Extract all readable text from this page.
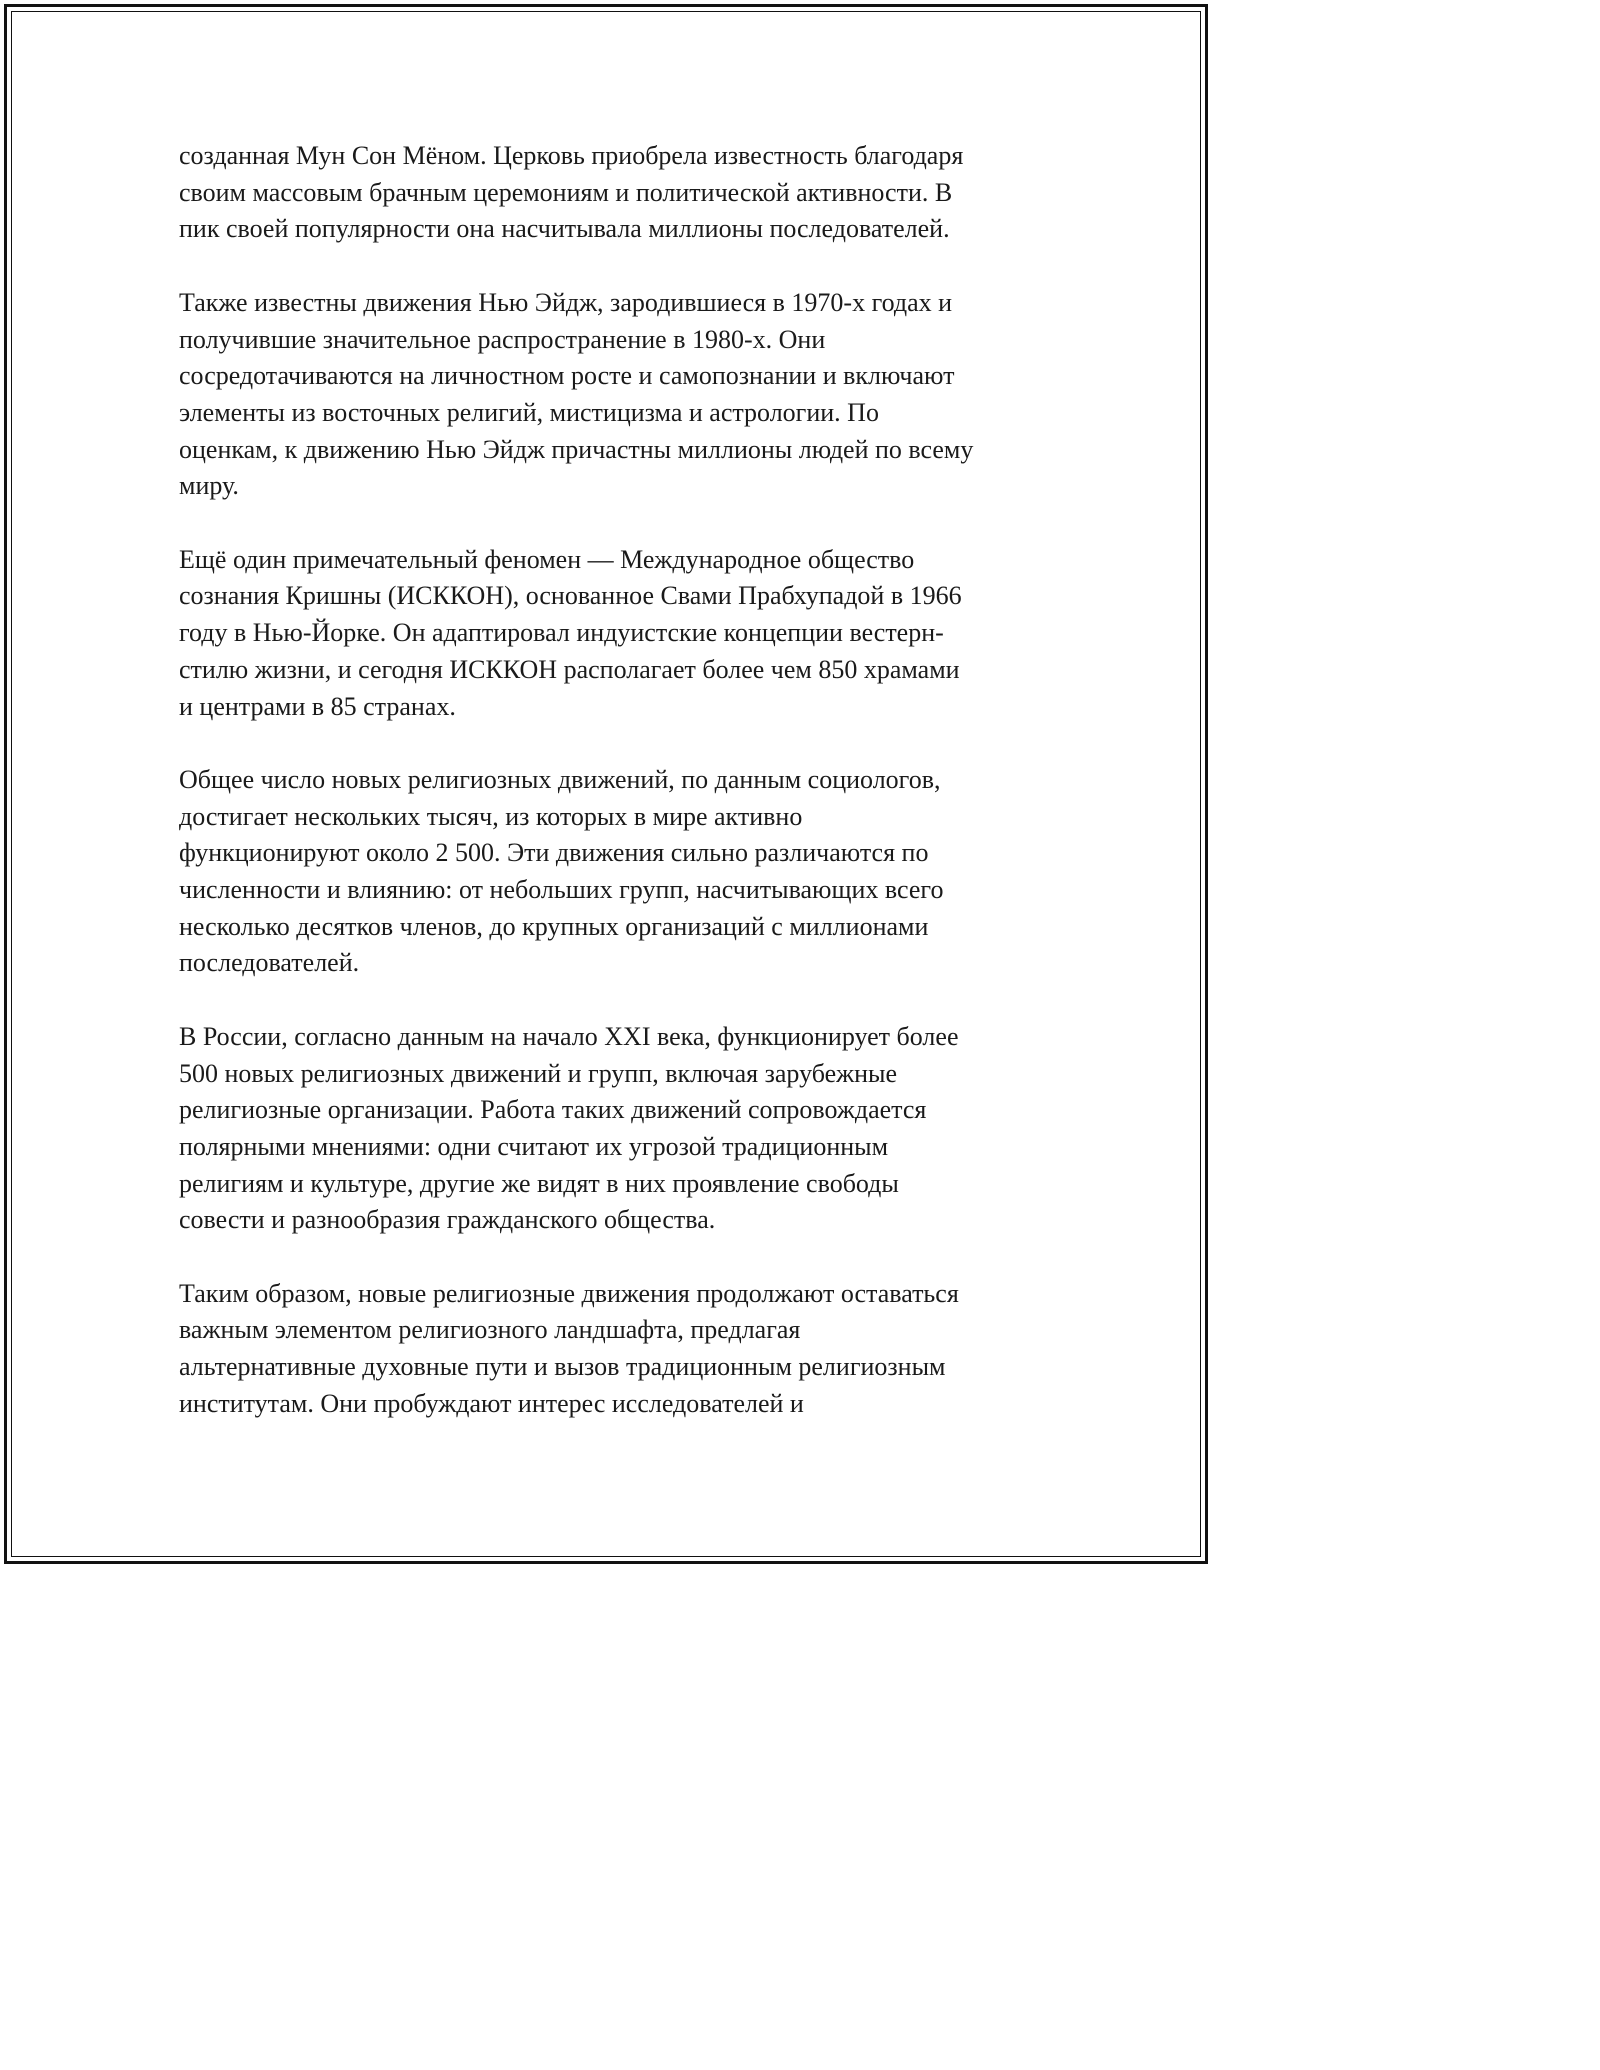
созданная Мун Сон Мёном. Церковь приобрела известность благодаря
своим массовым брачным церемониям и политической активности. В
пик своей популярности она насчитывала миллионы последователей.

Также известны движения Нью Эйдж, зародившиеся в 1970-х годах и
получившие значительное распространение в 1980-х. Они
сосредотачиваются на личностном росте и самопознании и включают
элементы из восточных религий, мистицизма и астрологии. По
оценкам, к движению Нью Эйдж причастны миллионы людей по всему
миру.

Ещё один примечательный феномен — Международное общество
сознания Кришны (ИСККОН), основанное Свами Прабхупадой в 1966
году в Нью-Йорке. Он адаптировал индуистские концепции вестерн-
стилю жизни, и сегодня ИСККОН располагает более чем 850 храмами
и центрами в 85 странах.

Общее число новых религиозных движений, по данным социологов,
достигает нескольких тысяч, из которых в мире активно
функционируют около 2 500. Эти движения сильно различаются по
численности и влиянию: от небольших групп, насчитывающих всего
несколько десятков членов, до крупных организаций с миллионами
последователей.

В России, согласно данным на начало XXI века, функционирует более
500 новых религиозных движений и групп, включая зарубежные
религиозные организации. Работа таких движений сопровождается
полярными мнениями: одни считают их угрозой традиционным
религиям и культуре, другие же видят в них проявление свободы
совести и разнообразия гражданского общества.

Таким образом, новые религиозные движения продолжают оставаться
важным элементом религиозного ландшафта, предлагая
альтернативные духовные пути и вызов традиционным религиозным
институтам. Они пробуждают интерес исследователей и
